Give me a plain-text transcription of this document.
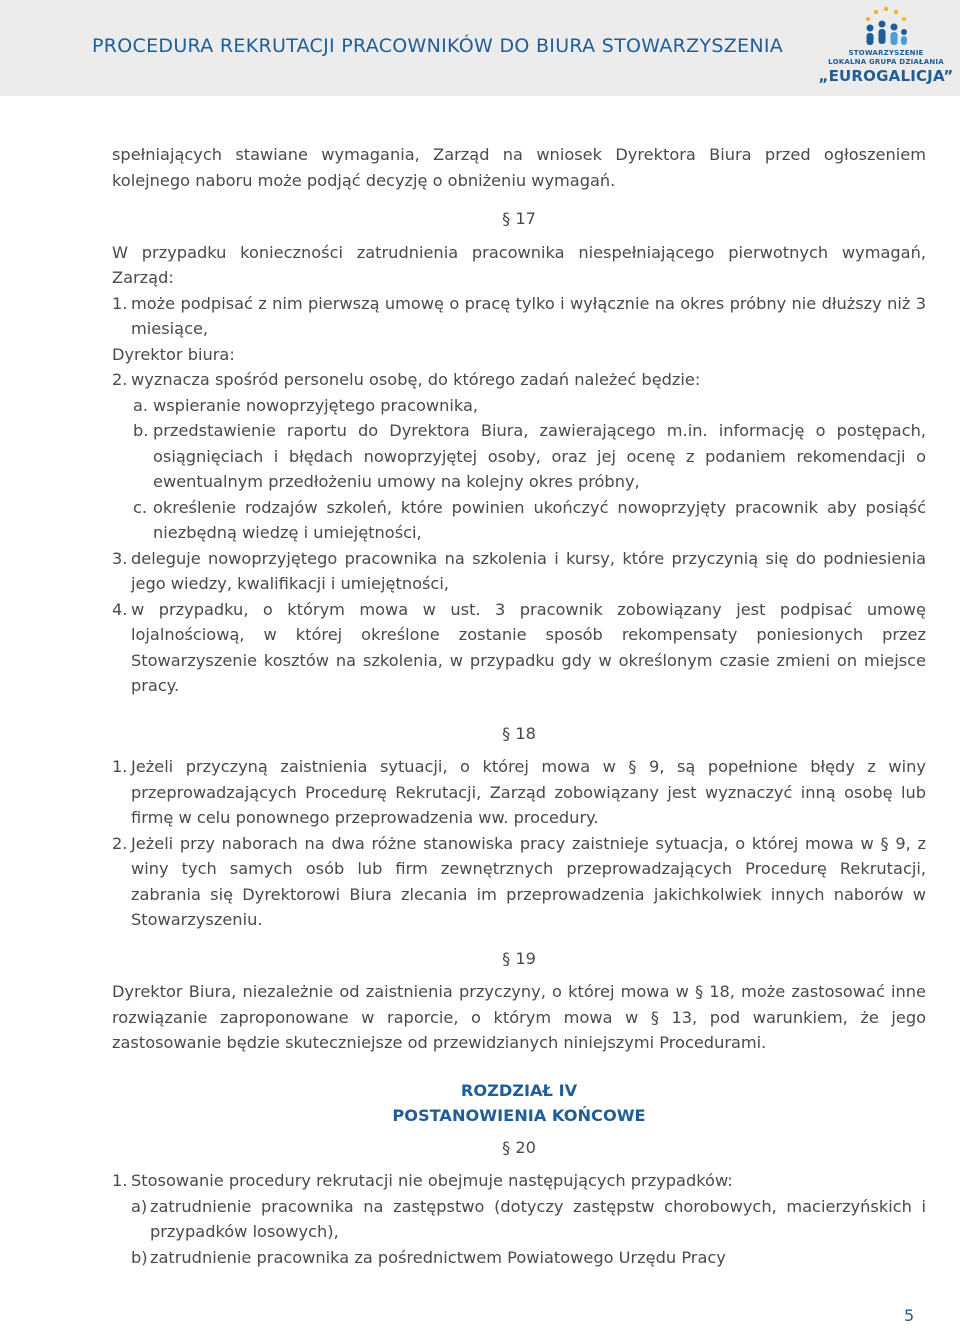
PROCEDURA REKRUTACJI PRACOWNIKÓW DO BIURA STOWARZYSZENIA	STOWARZYSZENIE
LOKALNA GRUPA DZIAŁANIA
„EUROGALICJA”

spełniających stawiane wymagania, Zarząd na wniosek Dyrektora Biura przed ogłoszeniem kolejnego naboru może podjąć decyzję o obniżeniu wymagań.

§ 17

W przypadku konieczności zatrudnienia pracownika niespełniającego pierwotnych wymagań, Zarząd:

1. może podpisać z nim pierwszą umowę o pracę tylko i wyłącznie na okres próbny nie dłuższy niż 3 miesiące,

Dyrektor biura:

2. wyznacza spośród personelu osobę, do którego zadań należeć będzie:
a. wspieranie nowoprzyjętego pracownika,
b. przedstawienie raportu do Dyrektora Biura, zawierającego m.in. informację o postępach, osiągnięciach i błędach nowoprzyjętej osoby, oraz jej ocenę z podaniem rekomendacji o ewentualnym przedłożeniu umowy na kolejny okres próbny,
c. określenie rodzajów szkoleń, które powinien ukończyć nowoprzyjęty pracownik aby posiąść niezbędną wiedzę i umiejętności,
3. deleguje nowoprzyjętego pracownika na szkolenia i kursy, które przyczynią się do podniesienia jego wiedzy, kwalifikacji i umiejętności,
4. w przypadku, o którym mowa w ust. 3 pracownik zobowiązany jest podpisać umowę lojalnościową, w której określone zostanie sposób rekompensaty poniesionych przez Stowarzyszenie kosztów na szkolenia, w przypadku gdy w określonym czasie zmieni on miejsce pracy.
§ 18
1. Jeżeli przyczyną zaistnienia sytuacji, o której mowa w § 9, są popełnione błędy z winy przeprowadzających Procedurę Rekrutacji, Zarząd zobowiązany jest wyznaczyć inną osobę lub firmę w celu ponownego przeprowadzenia ww. procedury.
2. Jeżeli przy naborach na dwa różne stanowiska pracy zaistnieje sytuacja, o której mowa w § 9, z winy tych samych osób lub firm zewnętrznych przeprowadzających Procedurę Rekrutacji, zabrania się Dyrektorowi Biura zlecania im przeprowadzenia jakichkolwiek innych naborów w Stowarzyszeniu.
§ 19

Dyrektor Biura, niezależnie od zaistnienia przyczyny, o której mowa w § 18, może zastosować inne rozwiązanie zaproponowane w raporcie, o którym mowa w § 13, pod warunkiem, że jego zastosowanie będzie skuteczniejsze od przewidzianych niniejszymi Procedurami.

ROZDZIAŁ IV
POSTANOWIENIA KOŃCOWE
§ 20
1. Stosowanie procedury rekrutacji nie obejmuje następujących przypadków:
a) zatrudnienie pracownika na zastępstwo (dotyczy zastępstw chorobowych, macierzyńskich i przypadków losowych),
b) zatrudnienie pracownika za pośrednictwem Powiatowego Urzędu Pracy
5
